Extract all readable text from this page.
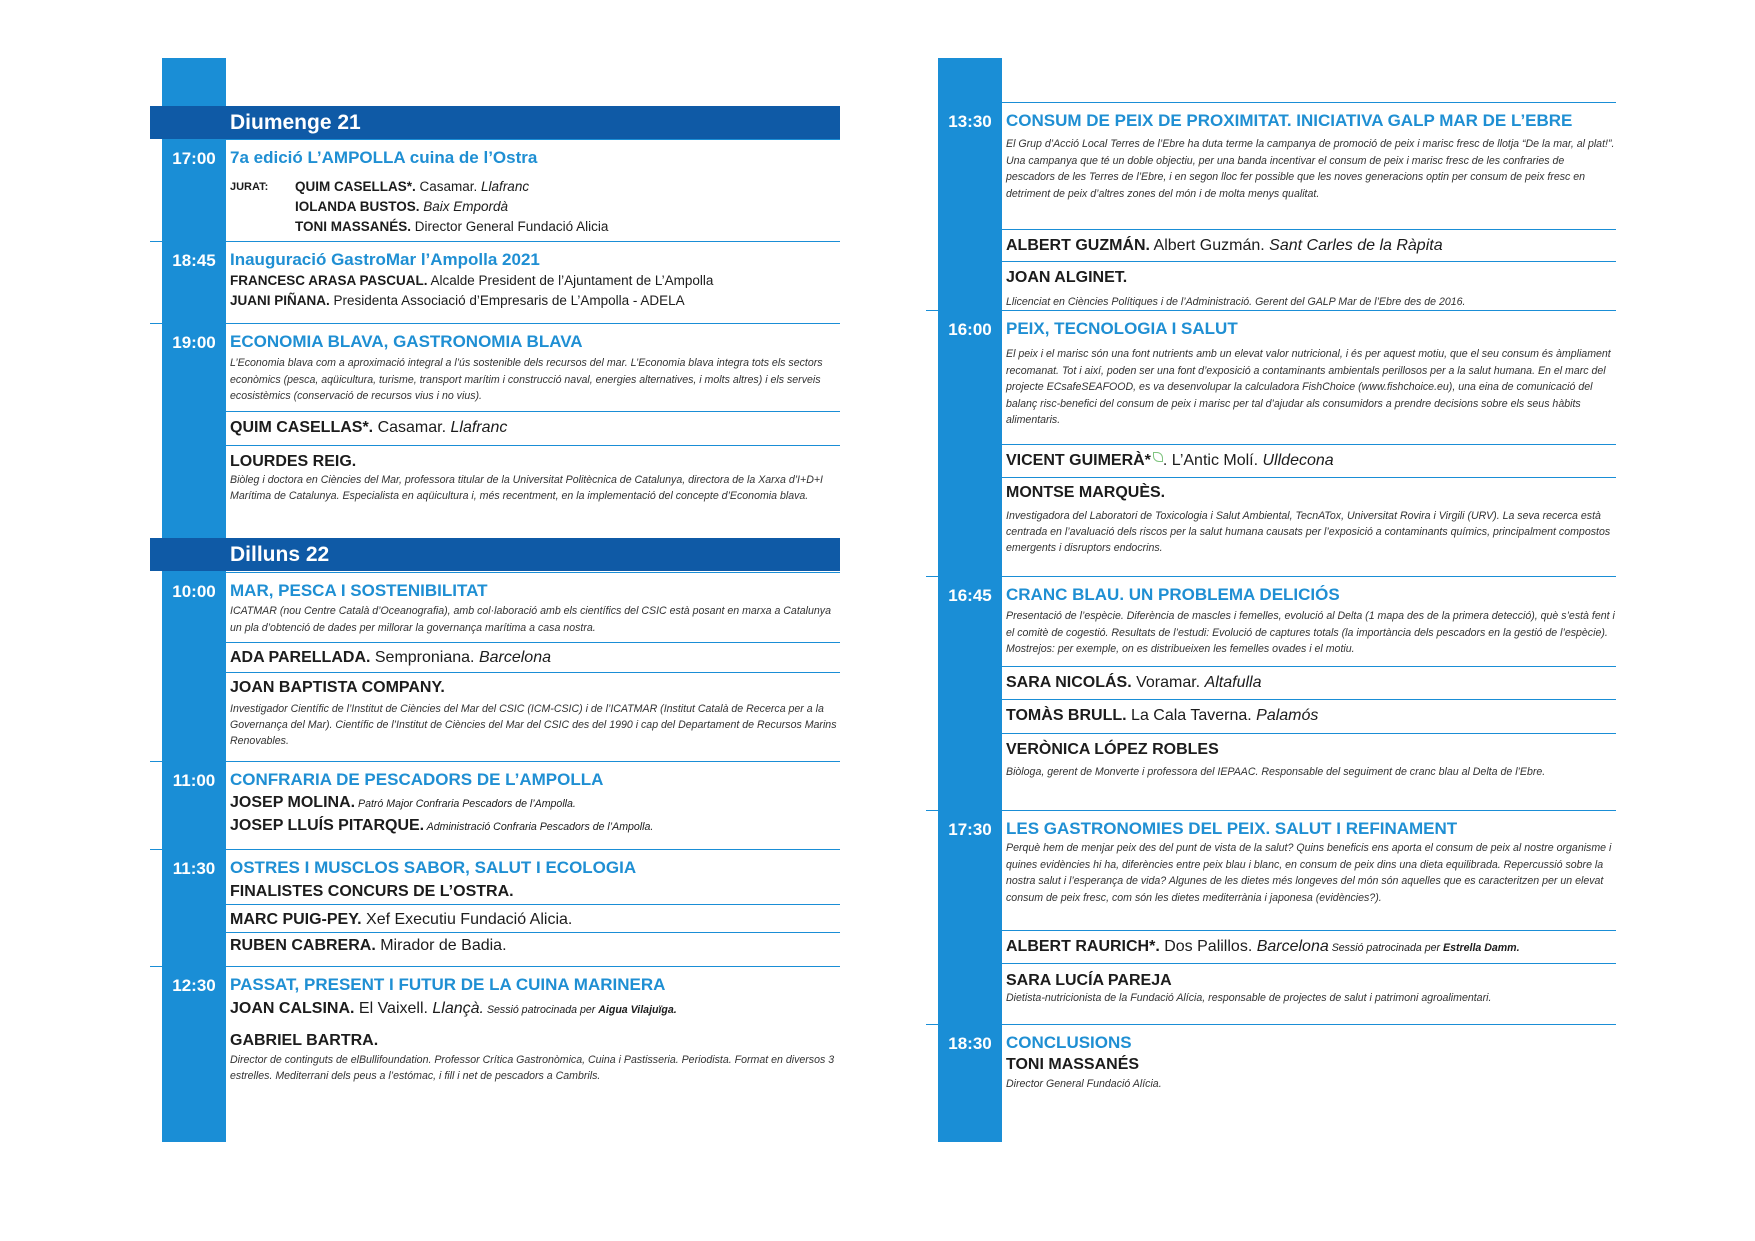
Diumenge 21
17:00 7a edició L’AMPOLLA cuina de l’Ostra
JURAT: QUIM CASELLAS*. Casamar. Llafranc
IOLANDA BUSTOS. Baix Empordà
TONI MASSANÉS. Director General Fundació Alicia
18:45 Inauguració GastroMar l’Ampolla 2021
FRANCESC ARASA PASCUAL. Alcalde President de l’Ajuntament de L’Ampolla
JUANI PIÑANA. Presidenta Associació d’Empresaris de L’Ampolla - ADELA
19:00 ECONOMIA BLAVA, GASTRONOMIA BLAVA
L’Economia blava com a aproximació integral a l’ús sostenible dels recursos del mar. L’Economia blava integra tots els sectors econòmics (pesca, aqüicultura, turisme, transport marítim i construcció naval, energies alternatives, i molts altres) i els serveis ecosistèmics (conservació de recursos vius i no vius).
QUIM CASELLAS*. Casamar. Llafranc
LOURDES REIG.
Biòleg i doctora en Ciències del Mar, professora titular de la Universitat Politècnica de Catalunya, directora de la Xarxa d’I+D+I Marítima de Catalunya. Especialista en aqüicultura i, més recentment, en la implementació del concepte d’Economia blava.
Dilluns 22
10:00 MAR, PESCA I SOSTENIBILITAT
ICATMAR (nou Centre Català d’Oceanografia), amb col·laboració amb els científics del CSIC està posant en marxa a Catalunya un pla d’obtenció de dades per millorar la governança marítima a casa nostra.
ADA PARELLADA. Semproniana. Barcelona
JOAN BAPTISTA COMPANY.
Investigador Científic de l’Institut de Ciències del Mar del CSIC (ICM-CSIC) i de l’ICATMAR (Institut Català de Recerca per a la Governança del Mar). Científic de l’Institut de Ciències del Mar del CSIC des del 1990 i cap del Departament de Recursos Marins Renovables.
11:00 CONFRARIA DE PESCADORS DE L’AMPOLLA
JOSEP MOLINA. Patró Major Confraria Pescadors de l’Ampolla.
JOSEP LLUÍS PITARQUE. Administració Confraria Pescadors de l’Ampolla.
11:30 OSTRES I MUSCLOS SABOR, SALUT I ECOLOGIA
FINALISTES CONCURS DE L’OSTRA.
MARC PUIG-PEY. Xef Executiu Fundació Alicia.
RUBEN CABRERA. Mirador de Badia.
12:30 PASSAT, PRESENT I FUTUR DE LA CUINA MARINERA
JOAN CALSINA. El Vaixell. Llançà. Sessió patrocinada per Aigua Vilajuïga.
GABRIEL BARTRA.
Director de continguts de elBullifoundation. Professor Crítica Gastronòmica, Cuina i Pastisseria. Periodista. Format en diversos 3 estrelles. Mediterrani dels peus a l’estómac, i fill i net de pescadors a Cambrils.
13:30 CONSUM DE PEIX DE PROXIMITAT. INICIATIVA GALP MAR DE L’EBRE
El Grup d’Acció Local Terres de l’Ebre ha duta terme la campanya de promoció de peix i marisc fresc de llotja “De la mar, al plat!”. Una campanya que té un doble objectiu, per una banda incentivar el consum de peix i marisc fresc de les confraries de pescadors de les Terres de l’Ebre, i en segon lloc fer possible que les noves generacions optin per consum de peix fresc en detriment de peix d’altres zones del món i de molta menys qualitat.
ALBERT GUZMÁN. Albert Guzmán. Sant Carles de la Ràpita
JOAN ALGINET.
Llicenciat en Ciències Polítiques i de l’Administració. Gerent del GALP Mar de l’Ebre des de 2016.
16:00 PEIX, TECNOLOGIA I SALUT
El peix i el marisc són una font nutrients amb un elevat valor nutricional, i és per aquest motiu, que el seu consum és àmpliament recomanat. Tot i així, poden ser una font d’exposició a contaminants ambientals perillosos per a la salut humana. En el marc del projecte ECsafeSEAFOOD, es va desenvolupar la calculadora FishChoice (www.fishchoice.eu), una eina de comunicació del balanç risc-benefici del consum de peix i marisc per tal d’ajudar als consumidors a prendre decisions sobre els seus hàbits alimentaris.
VICENT GUIMERÀ* . L’Antic Molí. Ulldecona
MONTSE MARQUÈS.
Investigadora del Laboratori de Toxicologia i Salut Ambiental, TecnATox, Universitat Rovira i Virgili (URV). La seva recerca està centrada en l’avaluació dels riscos per la salut humana causats per l’exposició a contaminants químics, principalment compostos emergents i disruptors endocrins.
16:45 CRANC BLAU. UN PROBLEMA DELICIÓS
Presentació de l’espècie. Diferència de mascles i femelles, evolució al Delta (1 mapa des de la primera detecció), què s’està fent i el comitè de cogestió. Resultats de l’estudi: Evolució de captures totals (la importància dels pescadors en la gestió de l’espècie). Mostrejos: per exemple, on es distribueixen les femelles ovades i el motiu.
SARA NICOLÁS. Voramar. Altafulla
TOMÀS BRULL. La Cala Taverna. Palamós
VERÒNICA LÓPEZ ROBLES
Biòloga, gerent de Monverte i professora del IEPAAC. Responsable del seguiment de cranc blau al Delta de l’Ebre.
17:30 LES GASTRONOMIES DEL PEIX. SALUT I REFINAMENT
Perquè hem de menjar peix des del punt de vista de la salut? Quins beneficis ens aporta el consum de peix al nostre organisme i quines evidències hi ha, diferències entre peix blau i blanc, en consum de peix dins una dieta equilibrada. Repercussió sobre la nostra salut i l’esperança de vida? Algunes de les dietes més longeves del món són aquelles que es caracteritzen per un elevat consum de peix fresc, com són les dietes mediterrània i japonesa (evidències?).
ALBERT RAURICH*. Dos Palillos. Barcelona Sessió patrocinada per Estrella Damm.
SARA LUCÍA PAREJA
Dietista-nutricionista de la Fundació Alícia, responsable de projectes de salut i patrimoni agroalimentari.
18:30 CONCLUSIONS
TONI MASSANÉS
Director General Fundació Alícia.
